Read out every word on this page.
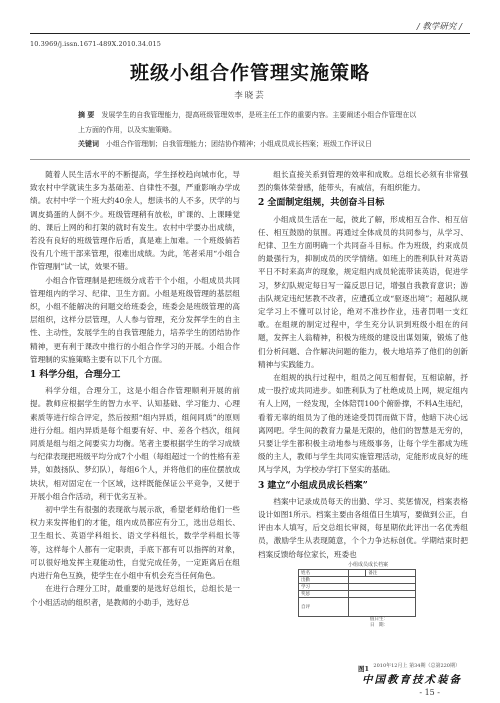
/ 教学研究 /
10.3969/j.issn.1671-489X.2010.34.015
班级小组合作管理实施策略
李晓芸
摘 要　 发展学生的自我管理能力，提高班级管理效率，是班主任工作的重要内容。主要阐述小组合作管理在以上方面的作用，以及实施策略。
关键词　 小组合作管理制；自我管理能力；团结协作精神；小组成员成长档案；班级工作评议日

随着人民生活水平的不断提高，学生择校趋向城市化，导致农村中学就读生多为基础差、自律性不强，严重影响办学成绩。农村中学一个班大约40余人，想读书的人不多，厌学的与调皮捣蛋的人倒不少。班级管理稍有放松，旷课的、上课睡觉的、课后上网的和打架的就时有发生。农村中学要办出成绩，若没有良好的班级管理作后盾，真是难上加难。一个班级倘若没有几个班干部来管理，很难出成绩。为此，笔者采用“小组合作管理制”试一试，效果不错。

小组合作管理制是把班级分成若干个小组，小组成员共同管理组内的学习、纪律、卫生方面。小组是班级管理的基层组织，小组不能解决的问题交给班委会，班委会是班级管理的高层组织，这样分层管理，人人参与管理，充分发挥学生的自主性、主动性，发展学生的自我管理能力，培养学生的团结协作精神，更有利于课改中推行的小组合作学习的开展。小组合作管理制的实施策略主要有以下几个方面。

1 科学分组，合理分工

科学分组，合理分工，这是小组合作管理顺利开展的前提。教师应根据学生的智力水平、认知基础、学习能力、心理素质等进行综合评定，然后按照“组内异质，组间同质”的原则进行分组。组内异质是每个组要有好、中、差各个档次，组间同质是组与组之间要实力均衡。笔者主要根据学生的学习成绩与纪律表现把班级平均分成7个小组（每组超过一个的性格有差异，如鼓扬队、梦幻队），每组6个人，并将他们的座位摆放成块状，相对固定在一个区域，这样既能保证公平竞争，又便于开展小组合作活动，利于优劣互补。

初中学生有很强的表现欲与展示欲，希望老师给他们一些权力来发挥他们的才能，组内成员都应有分工，选出总组长、卫生组长、英语学科组长、语文学科组长，数学学科组长等等，这样每个人都有一定职责，手底下都有可以指挥的对象，可以很好地发挥主观能动性，自觉完成任务，一定距离后在组内进行角色互换，使学生在小组中有机会充当任何角色。

在进行合理分工时，最重要的是选好总组长，总组长是一个小组活动的组织者，是教师的小助手，选好总

组长直接关系到管理的效率和成败。总组长必须有非常强烈的集体荣誉感，能带头，有威信，有组织能力。

2 全面制定组规，共创奋斗目标

小组成员生活在一起，彼此了解，形成相互合作、相互信任、相互鼓励的氛围。再通过全体成员的共同参与，从学习、纪律、卫生方面明确一个共同奋斗目标。作为班级，约束成员的最强行为，抑制成员的厌学情绪。如班上的胜利队针对英语平日不时来高声的现象，规定组内成员轮流带读英语，促进学习，梦幻队规定每日写一篇反思日记，增强自我教育意识；游击队规定违纪惩教不改者，应遭孤立或“驱逐出境”；超越队规定学习上不懂可以讨论，绝对不准抄作业，违者罚唱一支红歌。在组规的制定过程中，学生充分认识到班级小组在的问题，发挥主人翁精神，积极为班级的建设出谋划策，锻炼了他们分析问题、合作解决问题的能力，极大地培养了他们的创新精神与实践能力。

在组规的执行过程中，组员之间互相督促，互相谅解，抒成一股拧成共同进步。如胜利队为了杜绝成员上网，规定组内有人上网，一经发现，全体陪罚100个俯卧撑，不料A生违纪，看着无辜的组员为了他的迷途受罚罚而做下背，他暗下决心远离网吧。学生间的教育力量是无限的，他们的智慧是无穷的，只要让学生都积极主动地参与班级事务，让每个学生都成为班级的主人，教师与学生共同实施管理活动，定能形成良好的班风与学风，为学校办学打下坚实的基础。

3 建立“小组成员成长档案”

档案中记录成员每天的出勤、学习、奖惩情况，档案表格设计如图1所示。档案主要由各组值日生填写，要做到公正，自评由本人填写，后交总组长审阅，每星期依此评出一名优秀组员，激励学生从表现随意，个个力争达标创优。学期结束时把档案反馈给每位家长，班委也

小组成员成长档案
姓名		备注
出勤		
学习		
奖惩		
自评		
值日生：
日　期：
图1 2010年12月上 第34期（总第220期）
中国教育技术装备
- 15 -
